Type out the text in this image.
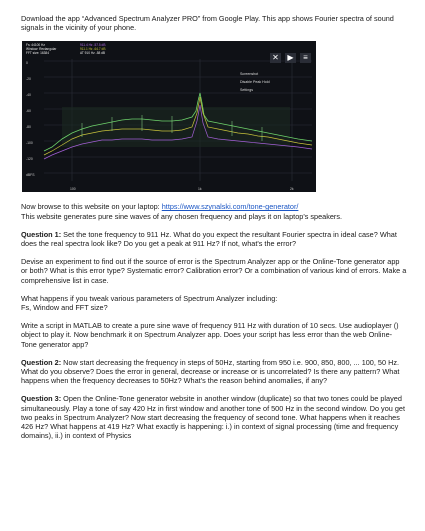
Download the app “Advanced Spectrum Analyzer PRO” from Google Play. This app shows Fourier spectra of sound signals in the vicinity of your phone.

Fs: 44100 Hz
Window: Rectangular
FFT size: 16384
911.4 Hz -57.5 dB
911.1 Hz -64.7 dB
AT 910 Hz -58 dB
✕	▶	≡
Screenshot
Disable Peak Hold
Settings
0
-20
-40
-60
-80
-100
-120
dBFS
100	1k	2k

Now browse to this website on your laptop: https://www.szynalski.com/tone-generator/

This website generates pure sine waves of any chosen frequency and plays it on laptop's speakers.

Question 1: Set the tone frequency to 911 Hz. What do you expect the resultant Fourier spectra in ideal case? What does the real spectra look like? Do you get a peak at 911 Hz? If not, what's the error?

Devise an experiment to find out if the source of error is the Spectrum Analyzer app or the Online-Tone generator app or both? What is this error type? Systematic error? Calibration error? Or a combination of various kind of errors. Make a comprehensive list in case.

What happens if you tweak various parameters of Spectrum Analyzer including:

Fs, Window and FFT size?

Write a script in MATLAB to create a pure sine wave of frequency 911 Hz with duration of 10 secs. Use audioplayer () object to play it. Now benchmark it on Spectrum Analyzer app. Does your script has less error than the web Online-Tone generator app?

Question 2: Now start decreasing the frequency in steps of 50Hz, starting from 950 i.e. 900, 850, 800, ... 100, 50 Hz. What do you observe? Does the error in general, decrease or increase or is uncorrelated? Is there any pattern? What happens when the frequency decreases to 50Hz? What's the reason behind anomalies, if any?

Question 3: Open the Online-Tone generator website in another window (duplicate) so that two tones could be played simultaneously. Play a tone of say 420 Hz in first window and another tone of 500 Hz in the second window. Do you get two peaks in Spectrum Analyzer? Now start decreasing the frequency of second tone. What happens when it reaches 426 Hz? What happens at 419 Hz? What exactly is happening: i.) in context of signal processing (time and frequency domains), ii.) in context of Physics
